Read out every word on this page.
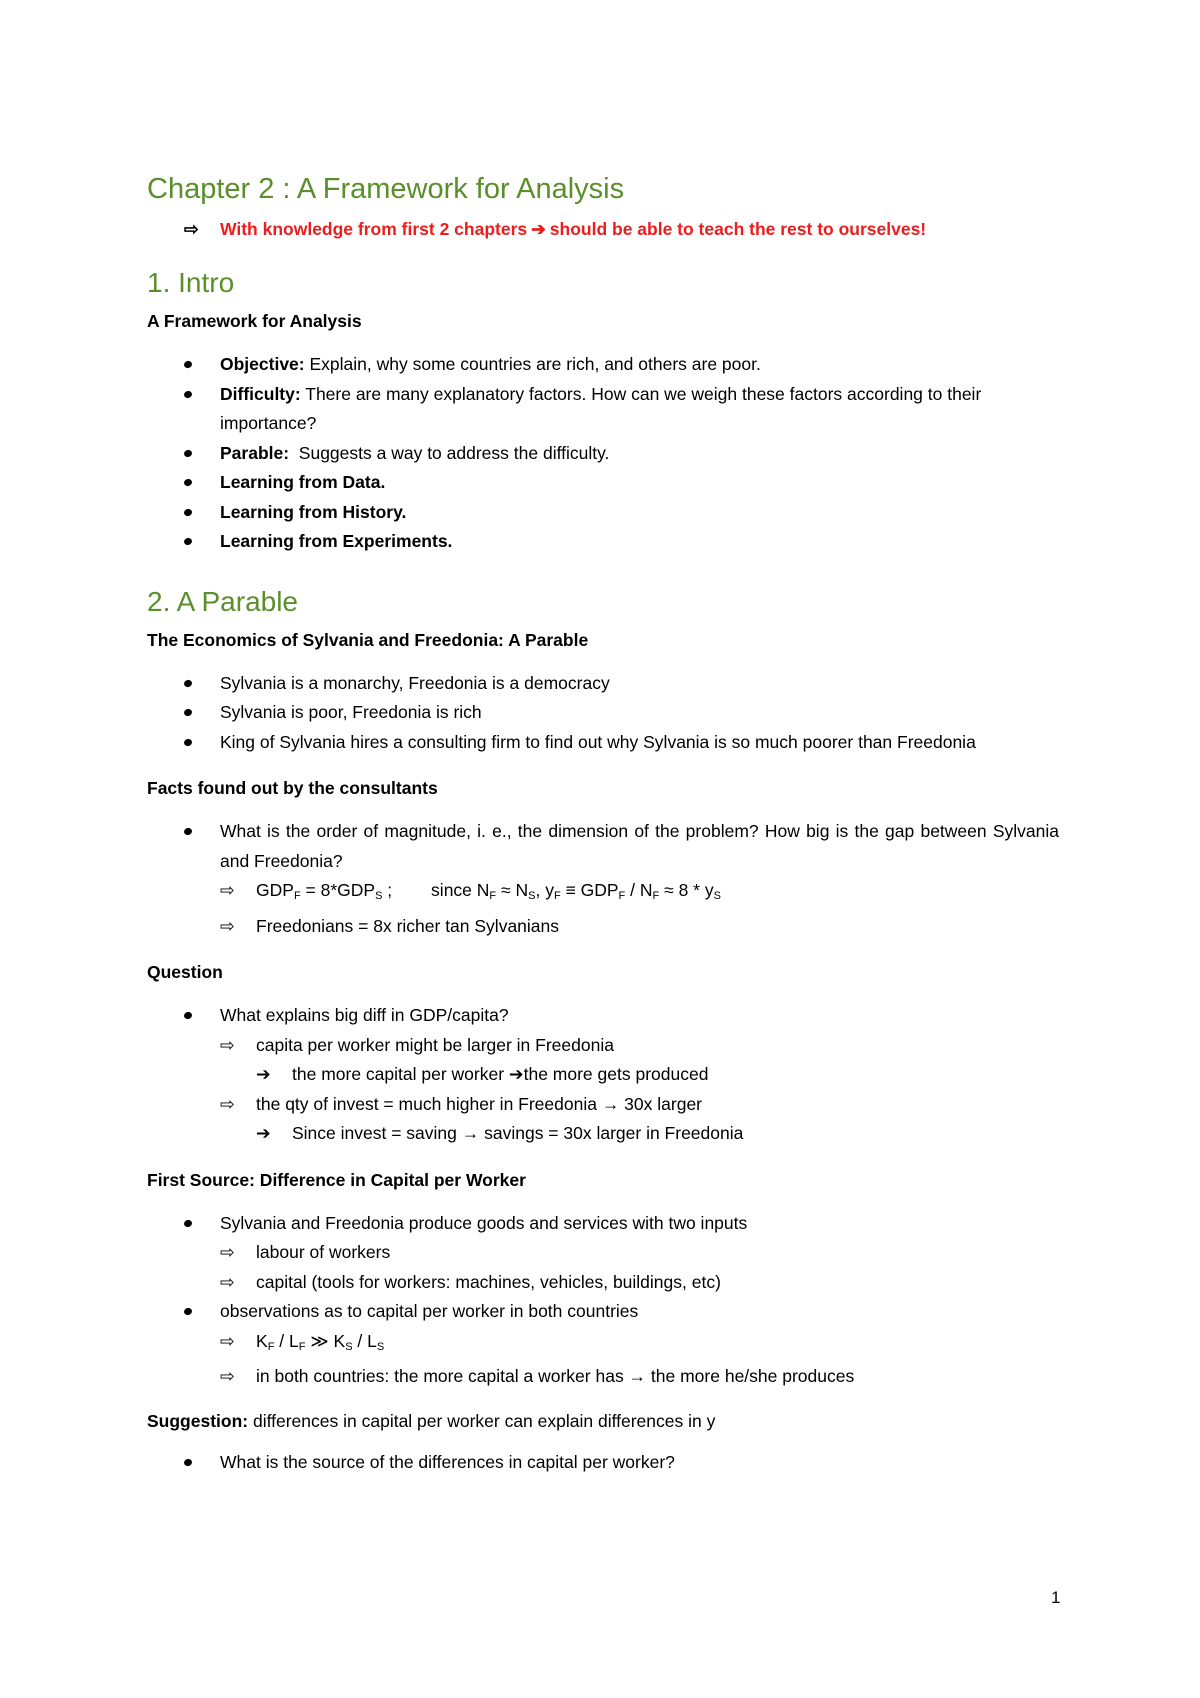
Chapter 2 : A Framework for Analysis
⇨	With knowledge from first 2 chapters ➔ should be able to teach the rest to ourselves!
1. Intro
A Framework for Analysis
Objective: Explain, why some countries are rich, and others are poor.
Difficulty: There are many explanatory factors. How can we weigh these factors according to their importance?
Parable:  Suggests a way to address the difficulty.
Learning from Data.
Learning from History.
Learning from Experiments.
2. A Parable
The Economics of Sylvania and Freedonia: A Parable
Sylvania is a monarchy, Freedonia is a democracy
Sylvania is poor, Freedonia is rich
King of Sylvania hires a consulting firm to find out why Sylvania is so much poorer than Freedonia
Facts found out by the consultants
What is the order of magnitude, i. e., the dimension of the problem? How big is the gap between Sylvania and Freedonia?
⇨ $GDP_F = 8*GDP_S$ ;        since $N_F \approx N_S$, $y_F \equiv GDP_F / N_F \approx 8 * y_S$
⇨ Freedonians = 8x richer tan Sylvanians
Question
What explains big diff in GDP/capita?
⇨ capita per worker might be larger in Freedonia
➔ the more capital per worker ➔the more gets produced
⇨ the qty of invest = much higher in Freedonia → 30x larger
➔ Since invest = saving → savings = 30x larger in Freedonia
First Source: Difference in Capital per Worker
Sylvania and Freedonia produce goods and services with two inputs
⇨ labour of workers
⇨ capital (tools for workers: machines, vehicles, buildings, etc)
observations as to capital per worker in both countries
⇨ $K_F / L_F$ ≫ $K_S / L_S$
⇨ in both countries: the more capital a worker has → the more he/she produces
Suggestion: differences in capital per worker can explain differences in y
What is the source of the differences in capital per worker?
1
